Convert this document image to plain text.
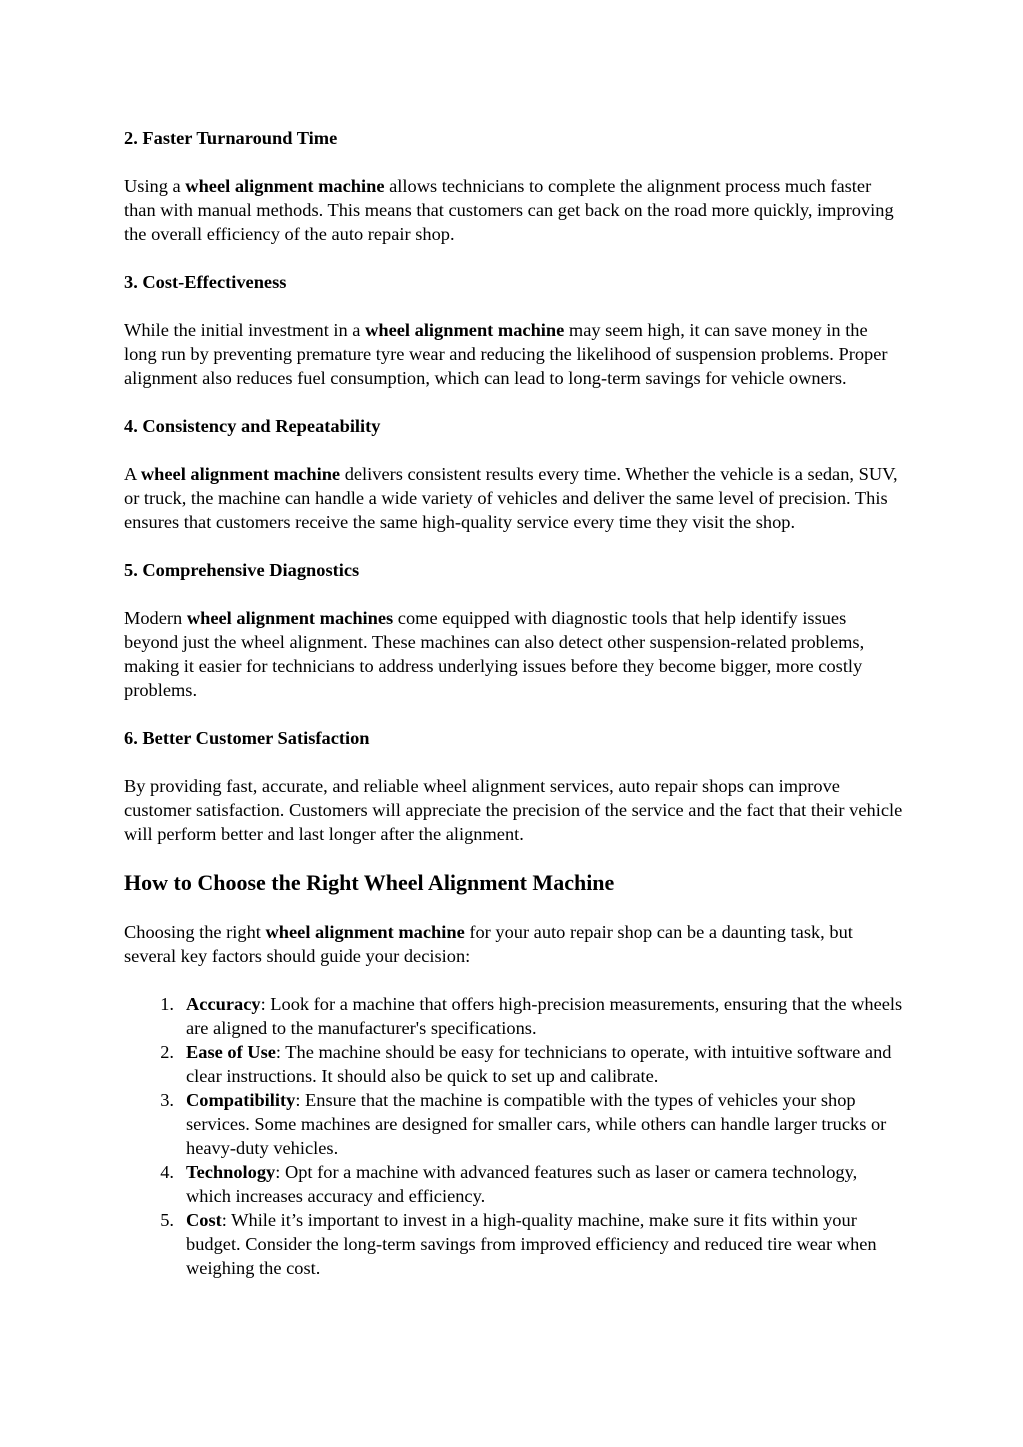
2. Faster Turnaround Time

Using a wheel alignment machine allows technicians to complete the alignment process much faster than with manual methods. This means that customers can get back on the road more quickly, improving the overall efficiency of the auto repair shop.

3. Cost-Effectiveness

While the initial investment in a wheel alignment machine may seem high, it can save money in the long run by preventing premature tyre wear and reducing the likelihood of suspension problems. Proper alignment also reduces fuel consumption, which can lead to long-term savings for vehicle owners.

4. Consistency and Repeatability

A wheel alignment machine delivers consistent results every time. Whether the vehicle is a sedan, SUV, or truck, the machine can handle a wide variety of vehicles and deliver the same level of precision. This ensures that customers receive the same high-quality service every time they visit the shop.

5. Comprehensive Diagnostics

Modern wheel alignment machines come equipped with diagnostic tools that help identify issues beyond just the wheel alignment. These machines can also detect other suspension-related problems, making it easier for technicians to address underlying issues before they become bigger, more costly problems.

6. Better Customer Satisfaction

By providing fast, accurate, and reliable wheel alignment services, auto repair shops can improve customer satisfaction. Customers will appreciate the precision of the service and the fact that their vehicle will perform better and last longer after the alignment.

How to Choose the Right Wheel Alignment Machine

Choosing the right wheel alignment machine for your auto repair shop can be a daunting task, but several key factors should guide your decision:

1. Accuracy: Look for a machine that offers high-precision measurements, ensuring that the wheels are aligned to the manufacturer's specifications.
2. Ease of Use: The machine should be easy for technicians to operate, with intuitive software and clear instructions. It should also be quick to set up and calibrate.
3. Compatibility: Ensure that the machine is compatible with the types of vehicles your shop services. Some machines are designed for smaller cars, while others can handle larger trucks or heavy-duty vehicles.
4. Technology: Opt for a machine with advanced features such as laser or camera technology, which increases accuracy and efficiency.
5. Cost: While it’s important to invest in a high-quality machine, make sure it fits within your budget. Consider the long-term savings from improved efficiency and reduced tire wear when weighing the cost.
